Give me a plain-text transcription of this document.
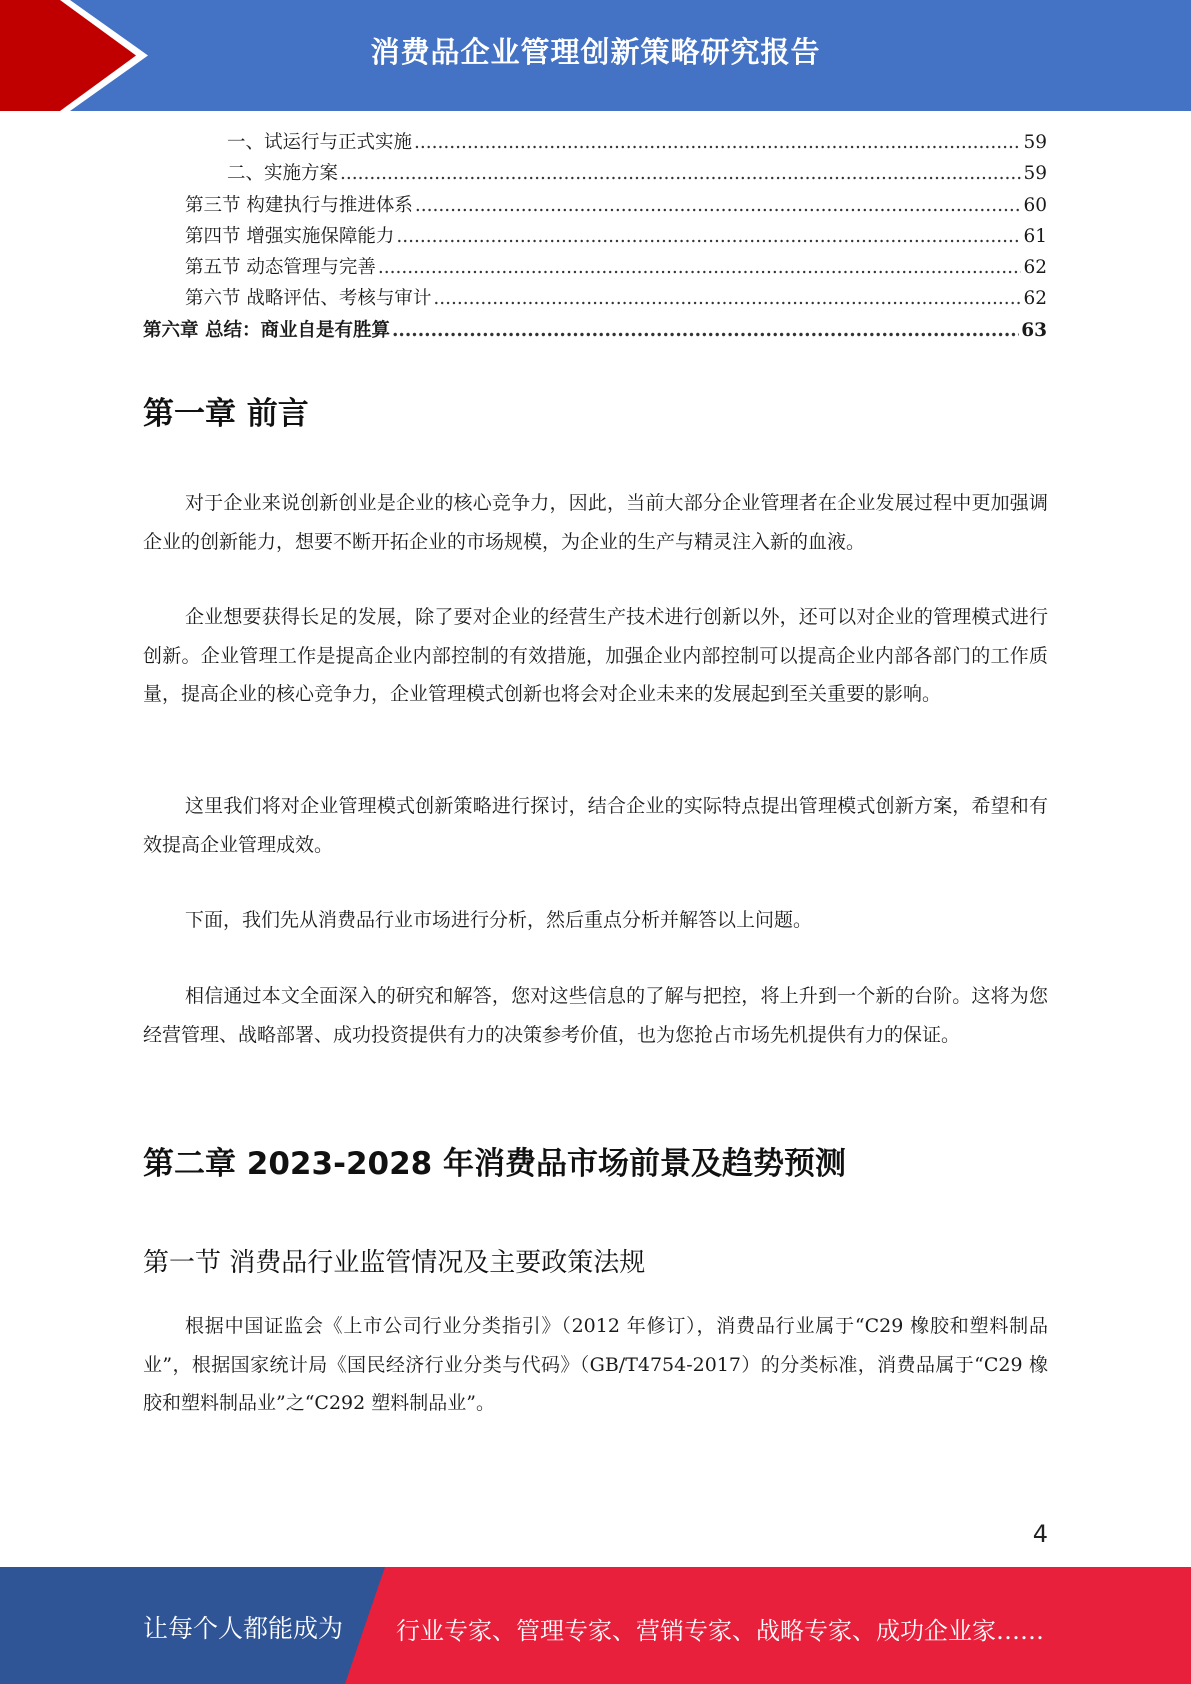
消费品企业管理创新策略研究报告
一、试运行与正式实施 .....	59
二、实施方案 .....	59
第三节 构建执行与推进体系 .....	60
第四节 增强实施保障能力 .....	61
第五节 动态管理与完善 .....	62
第六节 战略评估、考核与审计 .....	62
第六章 总结：商业自是有胜算 .....	63
第一章 前言

对于企业来说创新创业是企业的核心竞争力，因此，当前大部分企业管理者在企业发展过程中更加强调企业的创新能力，想要不断开拓企业的市场规模，为企业的生产与精灵注入新的血液。

企业想要获得长足的发展，除了要对企业的经营生产技术进行创新以外，还可以对企业的管理模式进行创新。企业管理工作是提高企业内部控制的有效措施，加强企业内部控制可以提高企业内部各部门的工作质量，提高企业的核心竞争力，企业管理模式创新也将会对企业未来的发展起到至关重要的影响。

这里我们将对企业管理模式创新策略进行探讨，结合企业的实际特点提出管理模式创新方案，希望和有效提高企业管理成效。

下面，我们先从消费品行业市场进行分析，然后重点分析并解答以上问题。

相信通过本文全面深入的研究和解答，您对这些信息的了解与把控，将上升到一个新的台阶。这将为您经营管理、战略部署、成功投资提供有力的决策参考价值，也为您抢占市场先机提供有力的保证。

第二章 2023-2028 年消费品市场前景及趋势预测
第一节 消费品行业监管情况及主要政策法规

根据中国证监会《上市公司行业分类指引》（2012 年修订），消费品行业属于“C29 橡胶和塑料制品业”，根据国家统计局《国民经济行业分类与代码》（GB/T4754-2017）的分类标准，消费品属于“C29 橡胶和塑料制品业”之“C292 塑料制品业”。

4
让每个人都能成为 行业专家、管理专家、营销专家、战略专家、成功企业家……
